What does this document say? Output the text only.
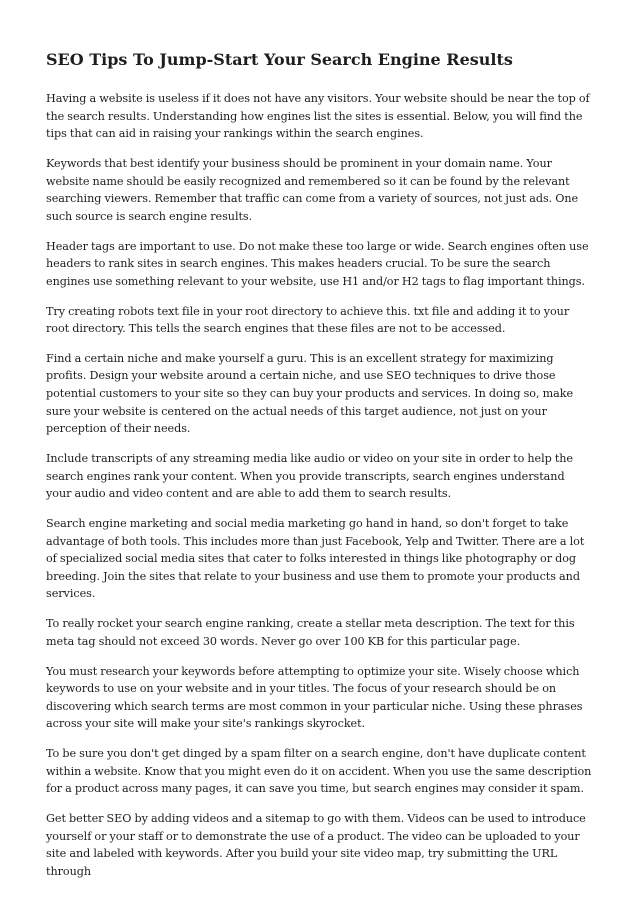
SEO Tips To Jump-Start Your Search Engine Results

Having a website is useless if it does not have any visitors. Your website should be near the top of the search results. Understanding how engines list the sites is essential. Below, you will find the tips that can aid in raising your rankings within the search engines.

Keywords that best identify your business should be prominent in your domain name. Your website name should be easily recognized and remembered so it can be found by the relevant searching viewers. Remember that traffic can come from a variety of sources, not just ads. One such source is search engine results.

Header tags are important to use. Do not make these too large or wide. Search engines often use headers to rank sites in search engines. This makes headers crucial. To be sure the search engines use something relevant to your website, use H1 and/or H2 tags to flag important things.

Try creating robots text file in your root directory to achieve this. txt file and adding it to your root directory. This tells the search engines that these files are not to be accessed.

Find a certain niche and make yourself a guru. This is an excellent strategy for maximizing profits. Design your website around a certain niche, and use SEO techniques to drive those potential customers to your site so they can buy your products and services. In doing so, make sure your website is centered on the actual needs of this target audience, not just on your perception of their needs.

Include transcripts of any streaming media like audio or video on your site in order to help the search engines rank your content. When you provide transcripts, search engines understand your audio and video content and are able to add them to search results.

Search engine marketing and social media marketing go hand in hand, so don't forget to take advantage of both tools. This includes more than just Facebook, Yelp and Twitter. There are a lot of specialized social media sites that cater to folks interested in things like photography or dog breeding. Join the sites that relate to your business and use them to promote your products and services.

To really rocket your search engine ranking, create a stellar meta description. The text for this meta tag should not exceed 30 words. Never go over 100 KB for this particular page.

You must research your keywords before attempting to optimize your site. Wisely choose which keywords to use on your website and in your titles. The focus of your research should be on discovering which search terms are most common in your particular niche. Using these phrases across your site will make your site's rankings skyrocket.

To be sure you don't get dinged by a spam filter on a search engine, don't have duplicate content within a website. Know that you might even do it on accident. When you use the same description for a product across many pages, it can save you time, but search engines may consider it spam.

Get better SEO by adding videos and a sitemap to go with them. Videos can be used to introduce yourself or your staff or to demonstrate the use of a product. The video can be uploaded to your site and labeled with keywords. After you build your site video map, try submitting the URL through
